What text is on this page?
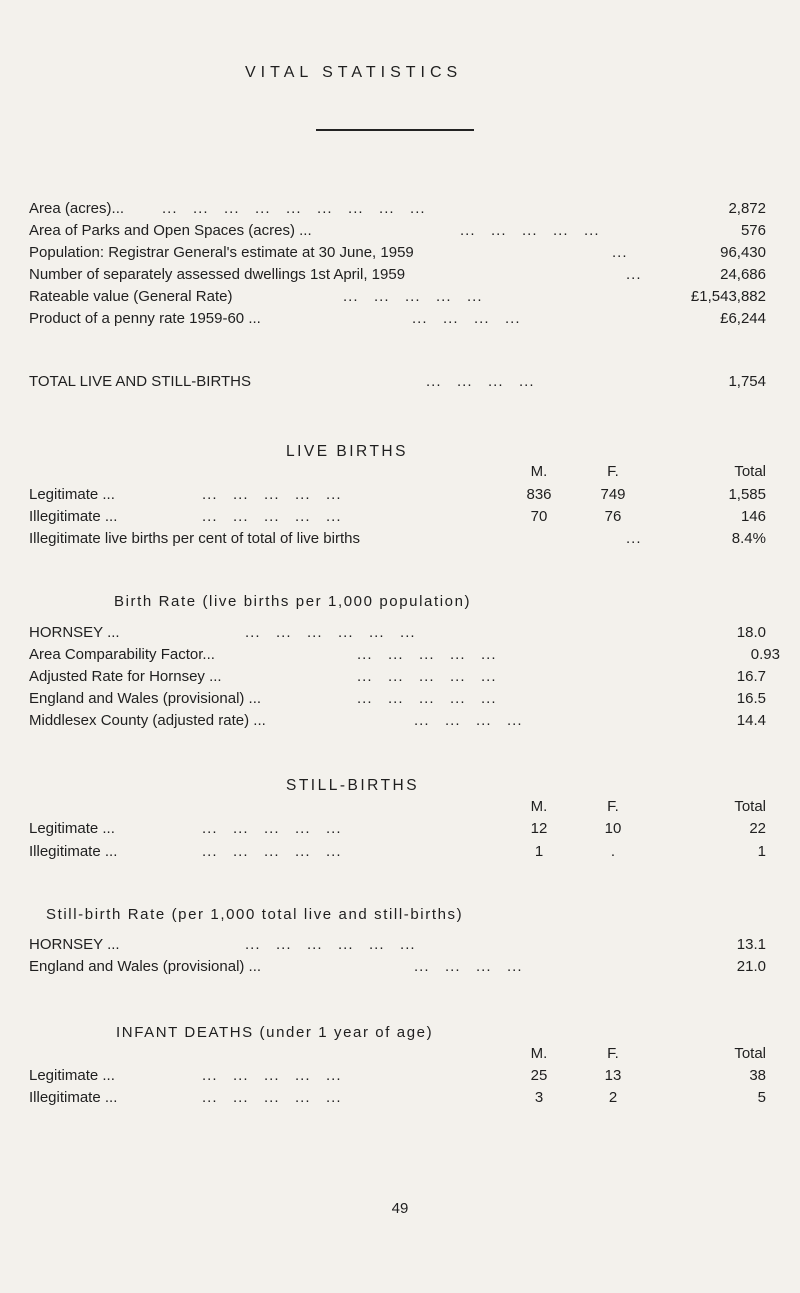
VITAL STATISTICS
Area (acres)...	...   ...   ...   ...   ...   ...   ...   ...   ...	2,872
Area of Parks and Open Spaces (acres) ...	...   ...   ...   ...   ...	576
Population: Registrar General's estimate at 30 June, 1959	...	96,430
Number of separately assessed dwellings 1st April, 1959	...	24,686
Rateable value (General Rate)	...   ...   ...   ...   ...	£1,543,882
Product of a penny rate 1959-60 ...	...   ...   ...   ...	£6,244
TOTAL LIVE AND STILL-BIRTHS	...   ...   ...   ...	1,754
LIVE BIRTHS
M.	F.	Total
Legitimate ...	...   ...   ...   ...   ...	836	749	1,585
Illegitimate ...	...   ...   ...   ...   ...	70	76	146
Illegitimate live births per cent of total of live births	...	8.4%
Birth Rate (live births per 1,000 population)
HORNSEY ...	...   ...   ...   ...   ...   ...	18.0
Area Comparability Factor...	...   ...   ...   ...   ...	0.93
Adjusted Rate for Hornsey ...	...   ...   ...   ...   ...	16.7
England and Wales (provisional) ...	...   ...   ...   ...   ...	16.5
Middlesex County (adjusted rate) ...	...   ...   ...   ...	14.4
STILL-BIRTHS
M.	F.	Total
Legitimate ...	...   ...   ...   ...   ...	12	10	22
Illegitimate ...	...   ...   ...   ...   ...	1	.	1
Still-birth Rate (per 1,000 total live and still-births)
HORNSEY ...	...   ...   ...   ...   ...   ...	13.1
England and Wales (provisional) ...	...   ...   ...   ...	21.0
INFANT DEATHS (under 1 year of age)
M.	F.	Total
Legitimate ...	...   ...   ...   ...   ...	25	13	38
Illegitimate ...	...   ...   ...   ...   ...	3	2	5
49
